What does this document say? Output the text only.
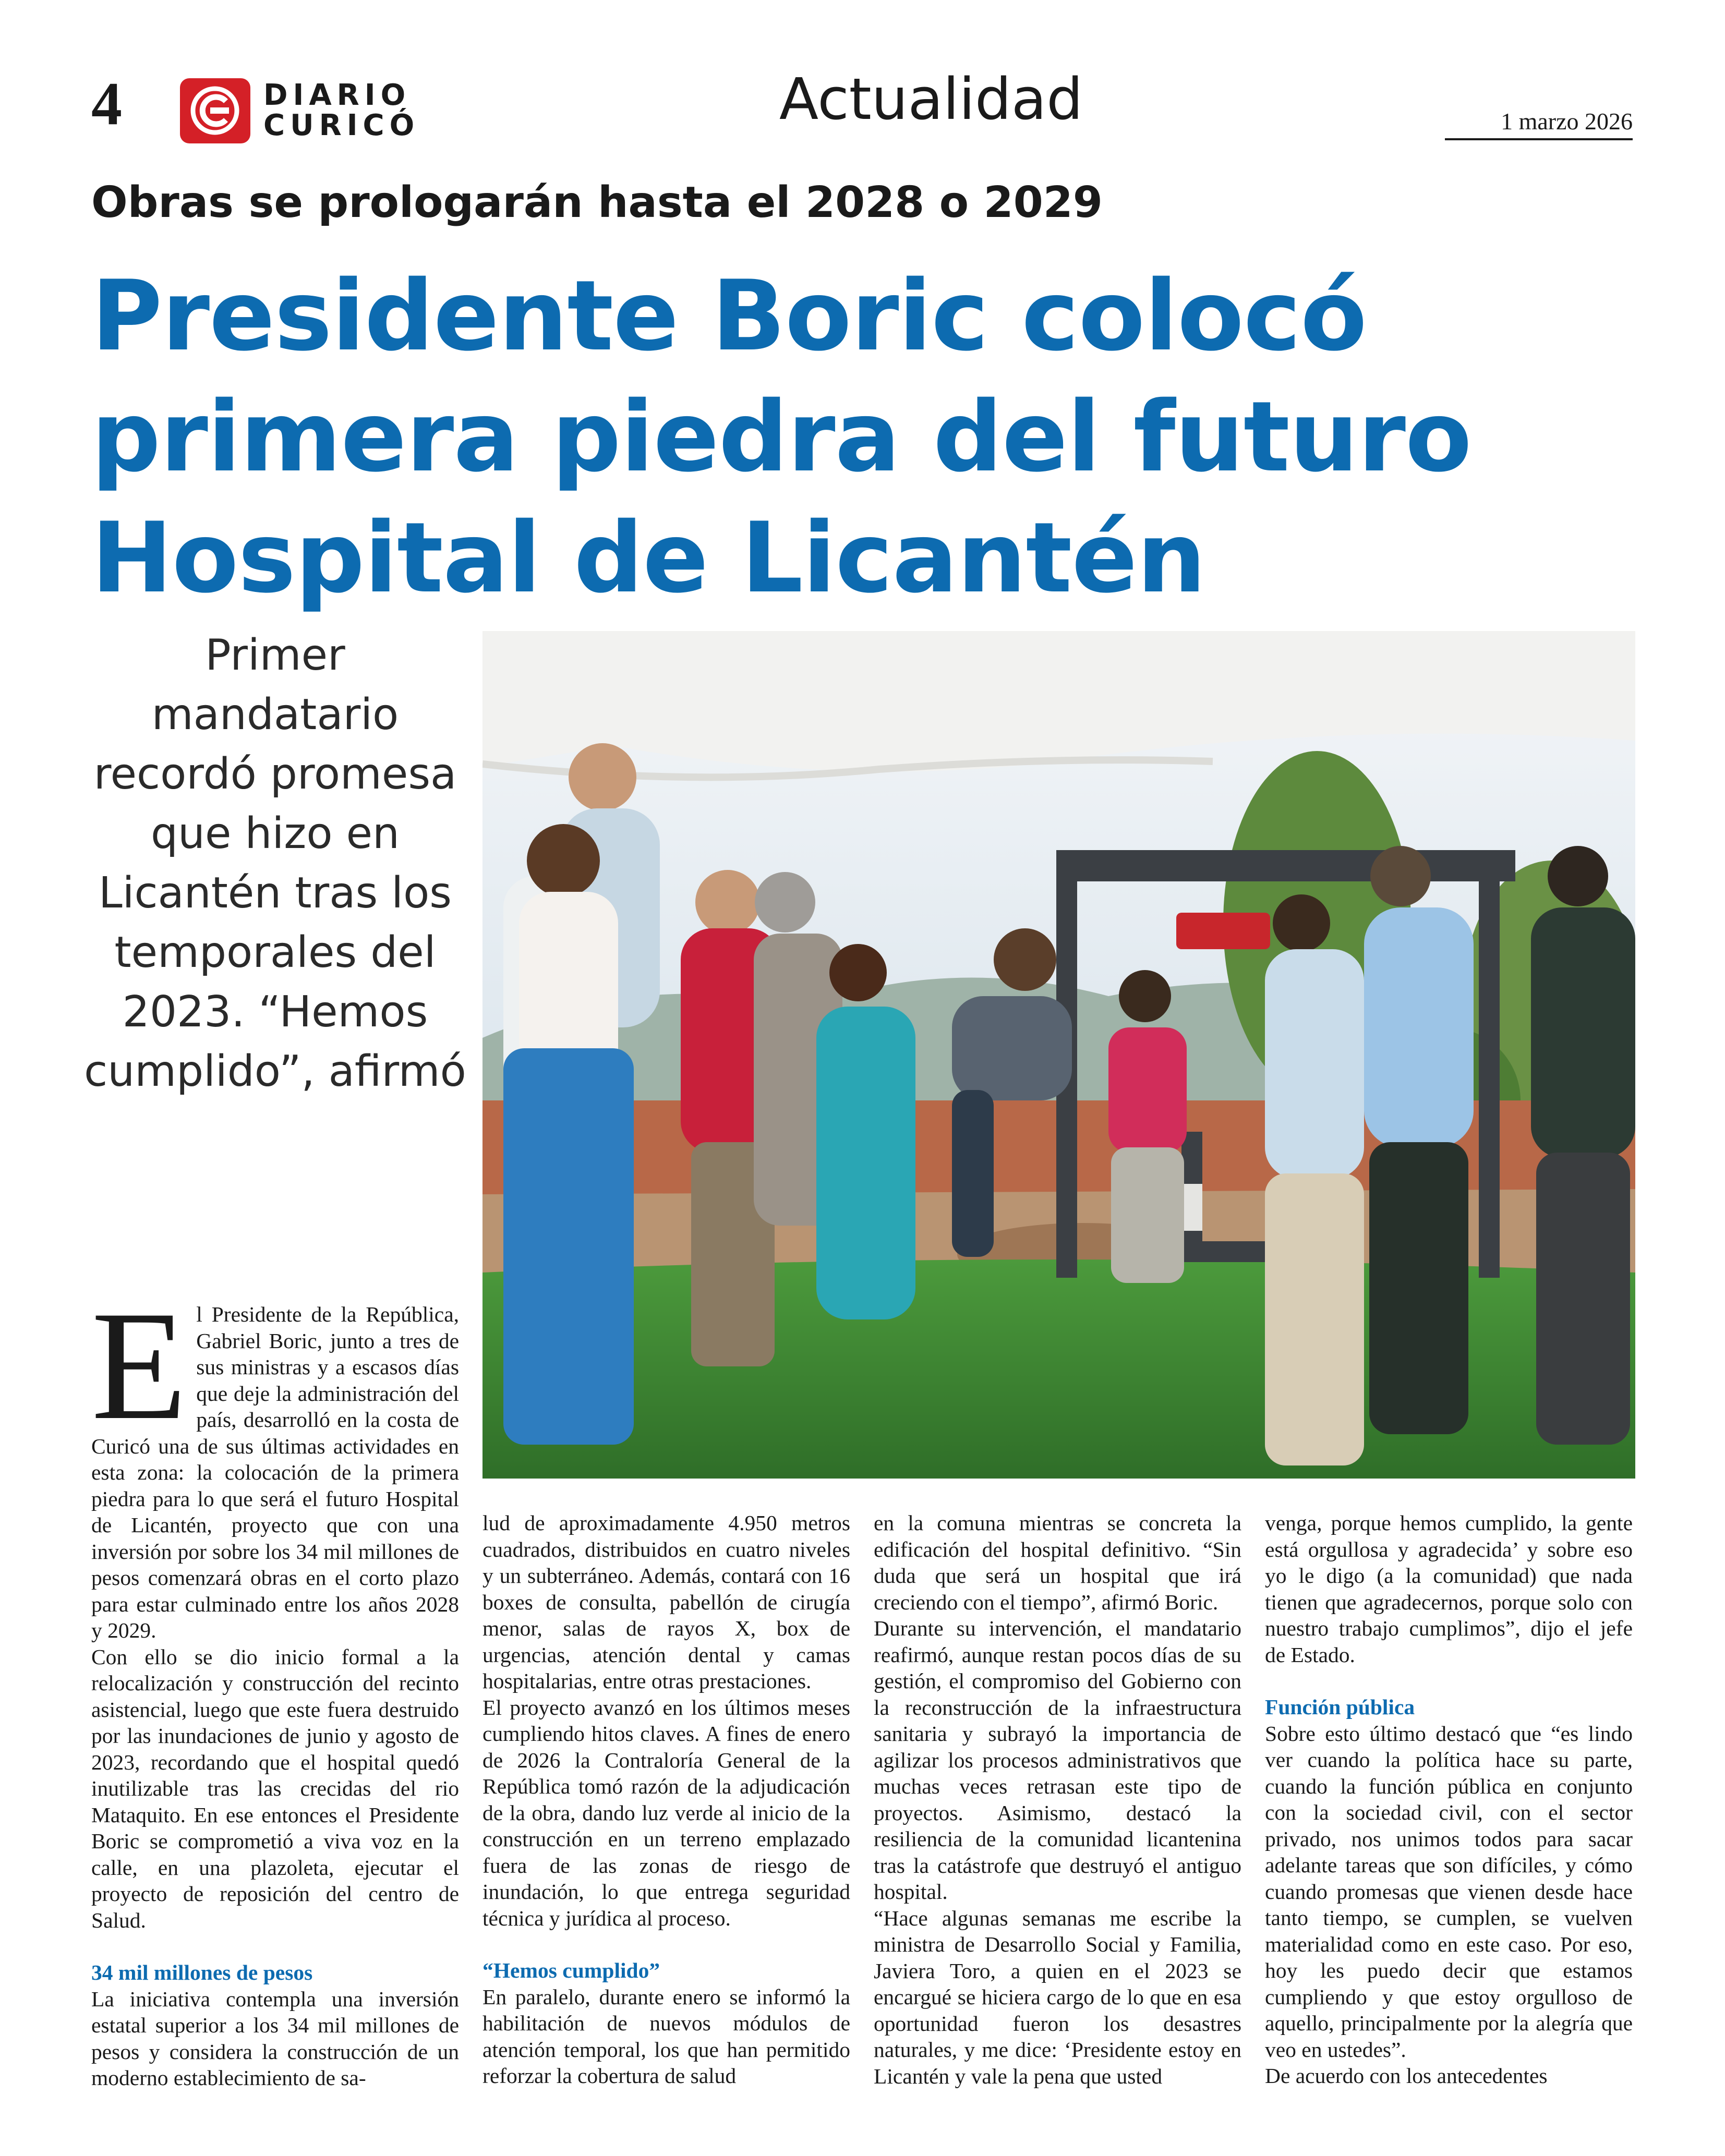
4	DIARIO
CURICÓ	Actualidad	1 marzo 2026
Obras se prologarán hasta el 2028 o 2029
Presidente Boric colocó primera piedra del futuro Hospital de Licantén
Primer mandatario recordó promesa que hizo en Licantén tras los temporales del 2023. “Hemos cumplido”, afirmó
E l Presidente de la República, Gabriel Boric, junto a tres de sus ministras y a escasos días que deje la administración del país, desarrolló en la costa de Curicó una de sus últimas actividades en esta zona: la colocación de la primera piedra para lo que será el futuro Hospital de Licantén, proyecto que con una inversión por sobre los 34 mil millones de pesos comenzará obras en el corto plazo para estar culminado entre los años 2028 y 2029.

Con ello se dio inicio formal a la relocalización y construcción del recinto asistencial, luego que este fuera destruido por las inundaciones de junio y agosto de 2023, recordando que el hospital quedó inutilizable tras las crecidas del rio Mataquito. En ese entonces el Presidente Boric se comprometió a viva voz en la calle, en una plazoleta, ejecutar el proyecto de reposición del centro de Salud.

34 mil millones de pesos

La iniciativa contempla una inversión estatal superior a los 34 mil millones de pesos y considera la construcción de un moderno establecimiento de sa-

lud de aproximadamente 4.950 metros cuadrados, distribuidos en cuatro niveles y un subterráneo. Además, contará con 16 boxes de consulta, pabellón de cirugía menor, salas de rayos X, box de urgencias, atención dental y camas hospitalarias, entre otras prestaciones.

El proyecto avanzó en los últimos meses cumpliendo hitos claves. A fines de enero de 2026 la Contraloría General de la República tomó razón de la adjudicación de la obra, dando luz verde al inicio de la construcción en un terreno emplazado fuera de las zonas de riesgo de inundación, lo que entrega seguridad técnica y jurídica al proceso.

“Hemos cumplido”

En paralelo, durante enero se informó la habilitación de nuevos módulos de atención temporal, los que han permitido reforzar la cobertura de salud

en la comuna mientras se concreta la edificación del hospital definitivo. “Sin duda que será un hospital que irá creciendo con el tiempo”, afirmó Boric.

Durante su intervención, el mandatario reafirmó, aunque restan pocos días de su gestión, el compromiso del Gobierno con la reconstrucción de la infraestructura sanitaria y subrayó la importancia de agilizar los procesos administrativos que muchas veces retrasan este tipo de proyectos. Asimismo, destacó la resiliencia de la comunidad licantenina tras la catástrofe que destruyó el antiguo hospital.

“Hace algunas semanas me escribe la ministra de Desarrollo Social y Familia, Javiera Toro, a quien en el 2023 se encargué se hiciera cargo de lo que en esa oportunidad fueron los desastres naturales, y me dice: ‘Presidente estoy en Licantén y vale la pena que usted

venga, porque hemos cumplido, la gente está orgullosa y agradecida’ y sobre eso yo le digo (a la comunidad) que nada tienen que agradecernos, porque solo con nuestro trabajo cumplimos”, dijo el jefe de Estado.

Función pública

Sobre esto último destacó que “es lindo ver cuando la política hace su parte, cuando la función pública en conjunto con la sociedad civil, con el sector privado, nos unimos todos para sacar adelante tareas que son difíciles, y cómo cuando promesas que vienen desde hace tanto tiempo, se cumplen, se vuelven materialidad como en este caso. Por eso, hoy les puedo decir que estamos cumpliendo y que estoy orgulloso de aquello, principalmente por la alegría que veo en ustedes”.

De acuerdo con los antecedentes
